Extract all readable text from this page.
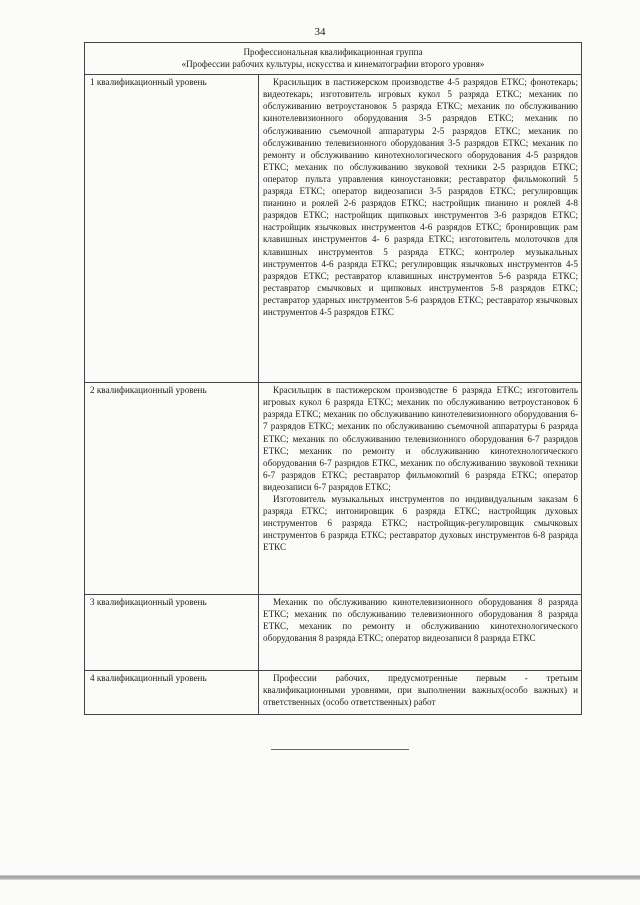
34
Профессиональная квалификационная группа
«Профессии рабочих культуры, искусства и кинематографии второго уровня»	

1 квалификационный уровень	Красильщик в пастижерском производстве 4-5 разрядов ЕТКС; фонотекарь; видеотекарь; изготовитель игровых кукол 5 разряда ЕТКС; механик по обслуживанию ветроустановок 5 разряда ЕТКС; механик по обслуживанию кинотелевизионного оборудования 3-5 разрядов ЕТКС; механик по обслуживанию съемочной аппаратуры 2-5 разрядов ЕТКС; механик по обслуживанию телевизионного оборудования 3-5 разрядов ЕТКС; механик по ремонту и обслуживанию кинотехнологического оборудования 4-5 разрядов ЕТКС; механик по обслуживанию звуковой техники 2-5 разрядов ЕТКС; оператор пульта управления киноустановки; реставратор фильмокопий 5 разряда ЕТКС; оператор видеозаписи 3-5 разрядов ЕТКС; регулировщик пианино и роялей 2-6 разрядов ЕТКС; настройщик пианино и роялей 4-8 разрядов ЕТКС; настройщик щипковых инструментов 3-6 разрядов ЕТКС; настройщик язычковых инструментов 4-6 разрядов ЕТКС; бронировщик рам клавишных инструментов 4- 6 разряда ЕТКС; изготовитель молоточков для клавишных инструментов 5 разряда ЕТКС; контролер музыкальных инструментов 4-6 разряда ЕТКС; регулировщик язычковых инструментов 4-5 разрядов ЕТКС; реставратор клавишных инструментов 5-6 разряда ЕТКС; реставратор смычковых и щипковых инструментов 5-8 разрядов ЕТКС; реставратор ударных инструментов 5-6 разрядов ЕТКС; реставратор язычковых инструментов 4-5 разрядов ЕТКС

2 квалификационный уровень	Красильщик в пастижерском производстве 6 разряда ЕТКС; изготовитель игровых кукол 6 разряда ЕТКС; механик по обслуживанию ветроустановок 6 разряда ЕТКС; механик по обслуживанию кинотелевизионного оборудования 6-7 разрядов ЕТКС; механик по обслуживанию съемочной аппаратуры 6 разряда ЕТКС; механик по обслуживанию телевизионного оборудования 6-7 разрядов ЕТКС; механик по ремонту и обслуживанию кинотехнологического оборудования 6-7 разрядов ЕТКС, механик по обслуживанию звуковой техники 6-7 разрядов ЕТКС; реставратор фильмокопий 6 разряда ЕТКС; оператор видеозаписи 6-7 разрядов ЕТКС;

Изготовитель музыкальных инструментов по индивидуальным заказам 6 разряда ЕТКС; интонировщик 6 разряда ЕТКС; настройщик духовых инструментов 6 разряда ЕТКС; настройщик-регулировщик смычковых инструментов 6 разряда ЕТКС; реставратор духовых инструментов 6-8 разряда ЕТКС

3 квалификационный уровень	Механик по обслуживанию кинотелевизионного оборудования 8 разряда ЕТКС; механик по обслуживанию телевизионного оборудования 8 разряда ЕТКС, механик по ремонту и обслуживанию кинотехнологического оборудования 8 разряда ЕТКС; оператор видеозаписи 8 разряда ЕТКС

4 квалификационный уровень	Профессии рабочих, предусмотренные первым - третьим квалификационными уровнями, при выполнении важных(особо важных) и ответственных (особо ответственных) работ
